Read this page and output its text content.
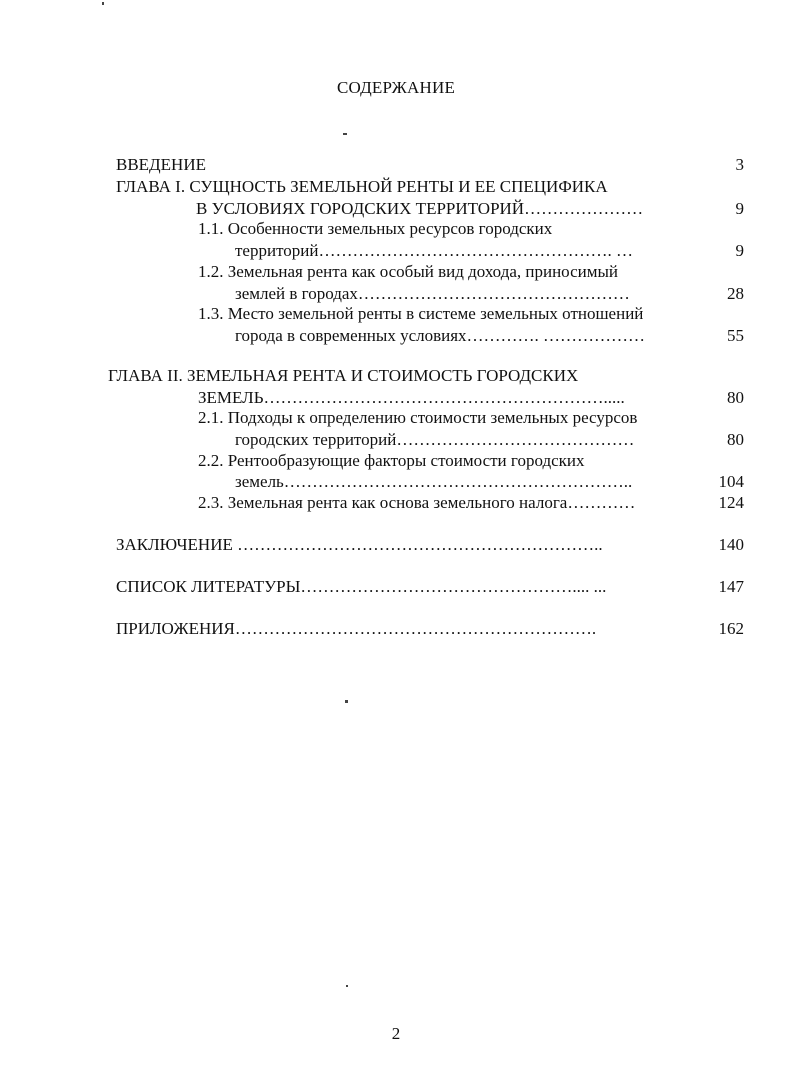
СОДЕРЖАНИЕ
ВВЕДЕНИЕ	3
ГЛАВА I. СУЩНОСТЬ ЗЕМЕЛЬНОЙ РЕНТЫ И ЕЕ СПЕЦИФИКА
В УСЛОВИЯХ ГОРОДСКИХ ТЕРРИТОРИЙ…………………	9
1.1. Особенности земельных ресурсов городских
территорий……………………………………………. …	9
1.2. Земельная рента как особый вид дохода, приносимый
землей в городах…………………………………………	28
1.3. Место земельной ренты в системе земельных отношений
города в современных условиях…………. ………………	55
ГЛАВА II. ЗЕМЕЛЬНАЯ РЕНТА И СТОИМОСТЬ ГОРОДСКИХ
ЗЕМЕЛЬ…………………………………………………….....	80
2.1. Подходы к определению стоимости земельных ресурсов
городских территорий……………………………………	80
2.2. Рентообразующие факторы стоимости городских
земель……………………………………………………..	104
2.3. Земельная рента как основа земельного налога…………	124
ЗАКЛЮЧЕНИЕ ………………………………………………………..	140
СПИСОК ЛИТЕРАТУРЫ………………………………………….... ...	147
ПРИЛОЖЕНИЯ……………………………………………………….	162
2
